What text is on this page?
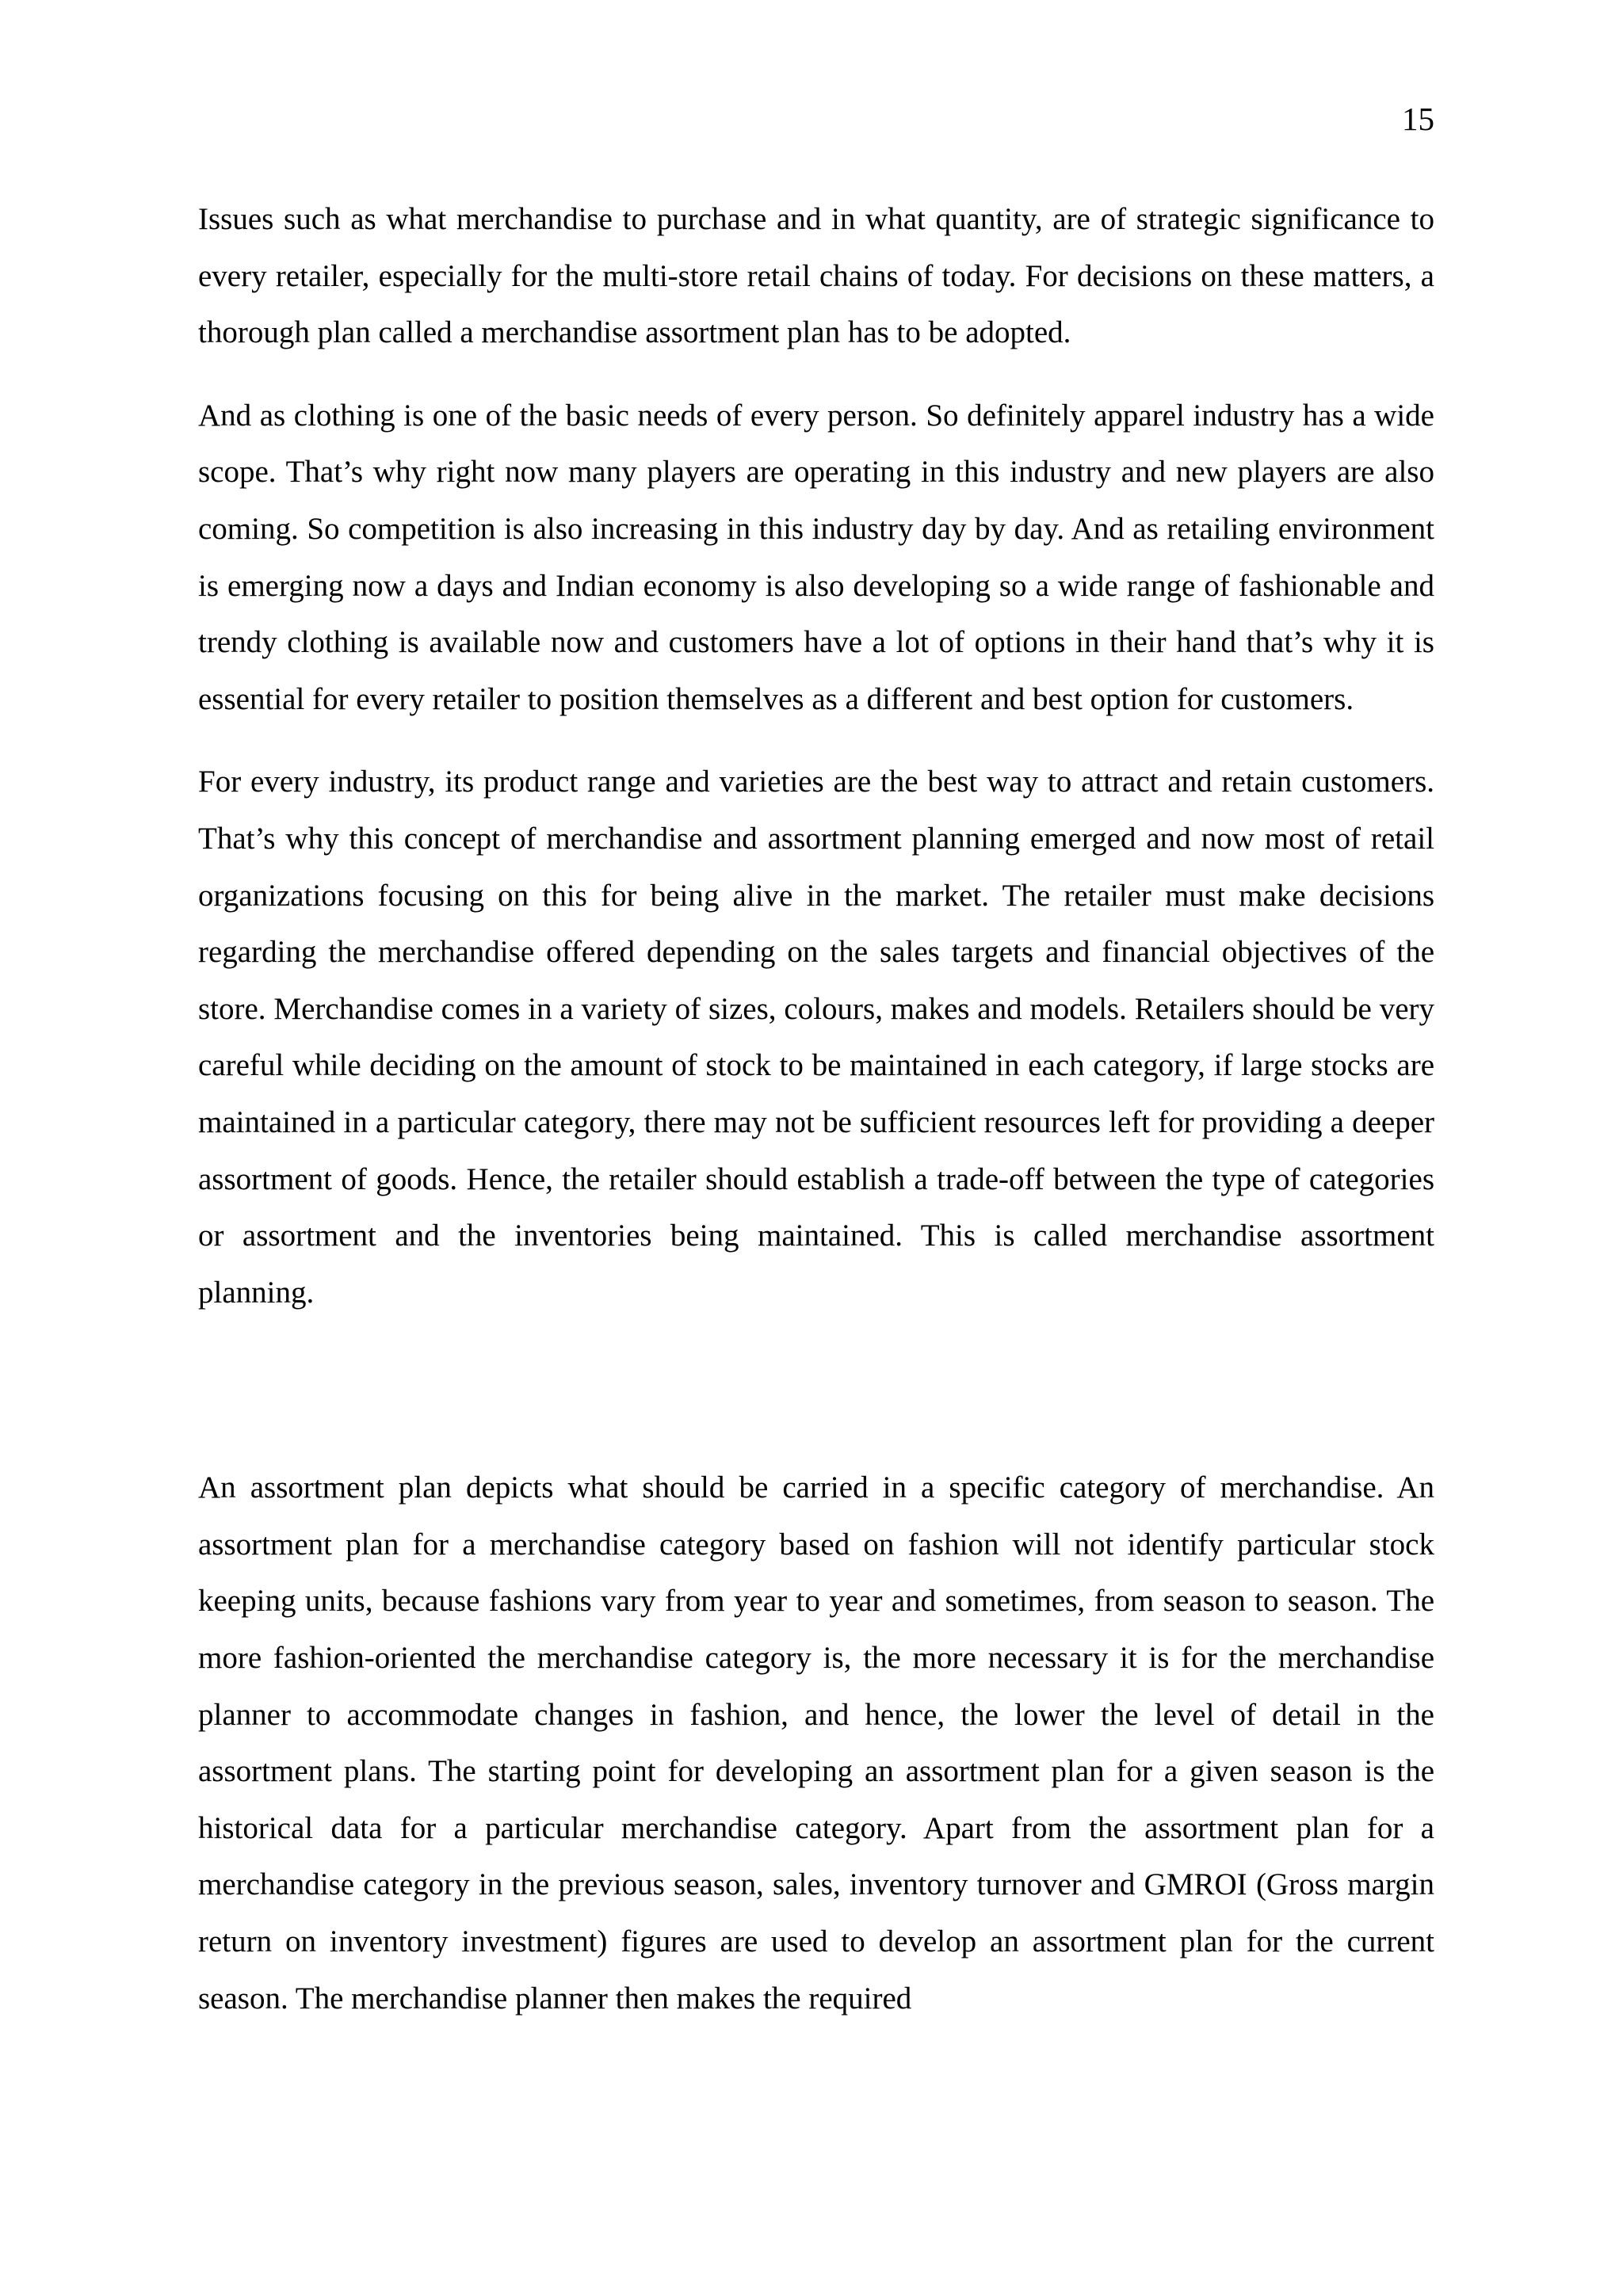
15

Issues such as what merchandise to purchase and in what quantity, are of strategic significance to every retailer, especially for the multi-store retail chains of today. For decisions on these matters, a thorough plan called a merchandise assortment plan has to be adopted.

And as clothing is one of the basic needs of every person. So definitely apparel industry has a wide scope. That’s why right now many players are operating in this industry and new players are also coming. So competition is also increasing in this industry day by day. And as retailing environment is emerging now a days and Indian economy is also developing so a wide range of fashionable and trendy clothing is available now and customers have a lot of options in their hand that’s why it is essential for every retailer to position themselves as a different and best option for customers.

For every industry, its product range and varieties are the best way to attract and retain customers. That’s why this concept of merchandise and assortment planning emerged and now most of retail organizations focusing on this for being alive in the market. The retailer must make decisions regarding the merchandise offered depending on the sales targets and financial objectives of the store. Merchandise comes in a variety of sizes, colours, makes and models. Retailers should be very careful while deciding on the amount of stock to be maintained in each category, if large stocks are maintained in a particular category, there may not be sufficient resources left for providing a deeper assortment of goods. Hence, the retailer should establish a trade-off between the type of categories or assortment and the inventories being maintained. This is called merchandise assortment planning.

An assortment plan depicts what should be carried in a specific category of merchandise. An assortment plan for a merchandise category based on fashion will not identify particular stock keeping units, because fashions vary from year to year and sometimes, from season to season. The more fashion-oriented the merchandise category is, the more necessary it is for the merchandise planner to accommodate changes in fashion, and hence, the lower the level of detail in the assortment plans. The starting point for developing an assortment plan for a given season is the historical data for a particular merchandise category. Apart from the assortment plan for a merchandise category in the previous season, sales, inventory turnover and GMROI (Gross margin return on inventory investment) figures are used to develop an assortment plan for the current season. The merchandise planner then makes the required
